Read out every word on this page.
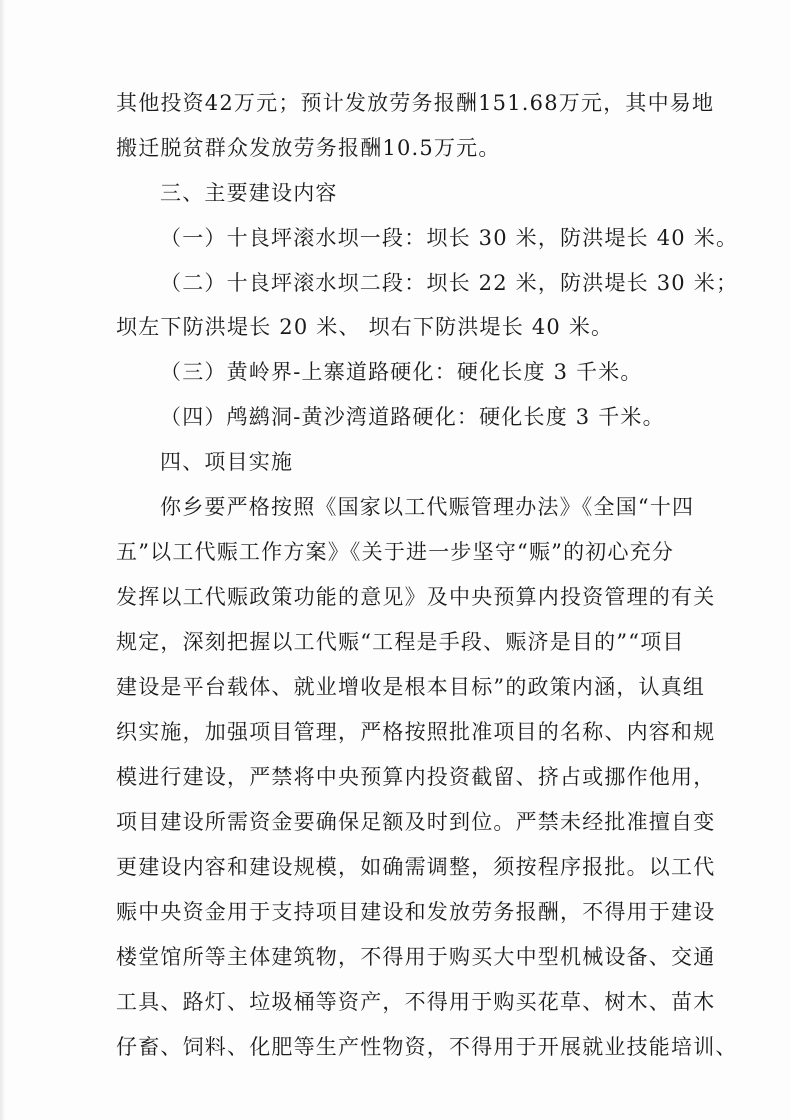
其他投资42万元；预计发放劳务报酬151.68万元，其中易地
搬迁脱贫群众发放劳务报酬10.5万元。
三、主要建设内容
（一）十良坪滚水坝一段：坝长 30 米，防洪堤长 40 米。
（二）十良坪滚水坝二段：坝长 22 米，防洪堤长 30 米；
坝左下防洪堤长 20 米、 坝右下防洪堤长 40 米。
（三）黄岭界-上寨道路硬化：硬化长度 3 千米。
（四）鸬鹚洞-黄沙湾道路硬化：硬化长度 3 千米。
四、项目实施
你乡要严格按照《国家以工代赈管理办法》《全国“十四
五”以工代赈工作方案》《关于进一步坚守“赈”的初心充分
发挥以工代赈政策功能的意见》及中央预算内投资管理的有关
规定，深刻把握以工代赈“工程是手段、赈济是目的”“项目
建设是平台载体、就业增收是根本目标”的政策内涵，认真组
织实施，加强项目管理，严格按照批准项目的名称、内容和规
模进行建设，严禁将中央预算内投资截留、挤占或挪作他用，
项目建设所需资金要确保足额及时到位。严禁未经批准擅自变
更建设内容和建设规模，如确需调整，须按程序报批。以工代
赈中央资金用于支持项目建设和发放劳务报酬，不得用于建设
楼堂馆所等主体建筑物，不得用于购买大中型机械设备、交通
工具、路灯、垃圾桶等资产，不得用于购买花草、树木、苗木
仔畜、饲料、化肥等生产性物资，不得用于开展就业技能培训、
